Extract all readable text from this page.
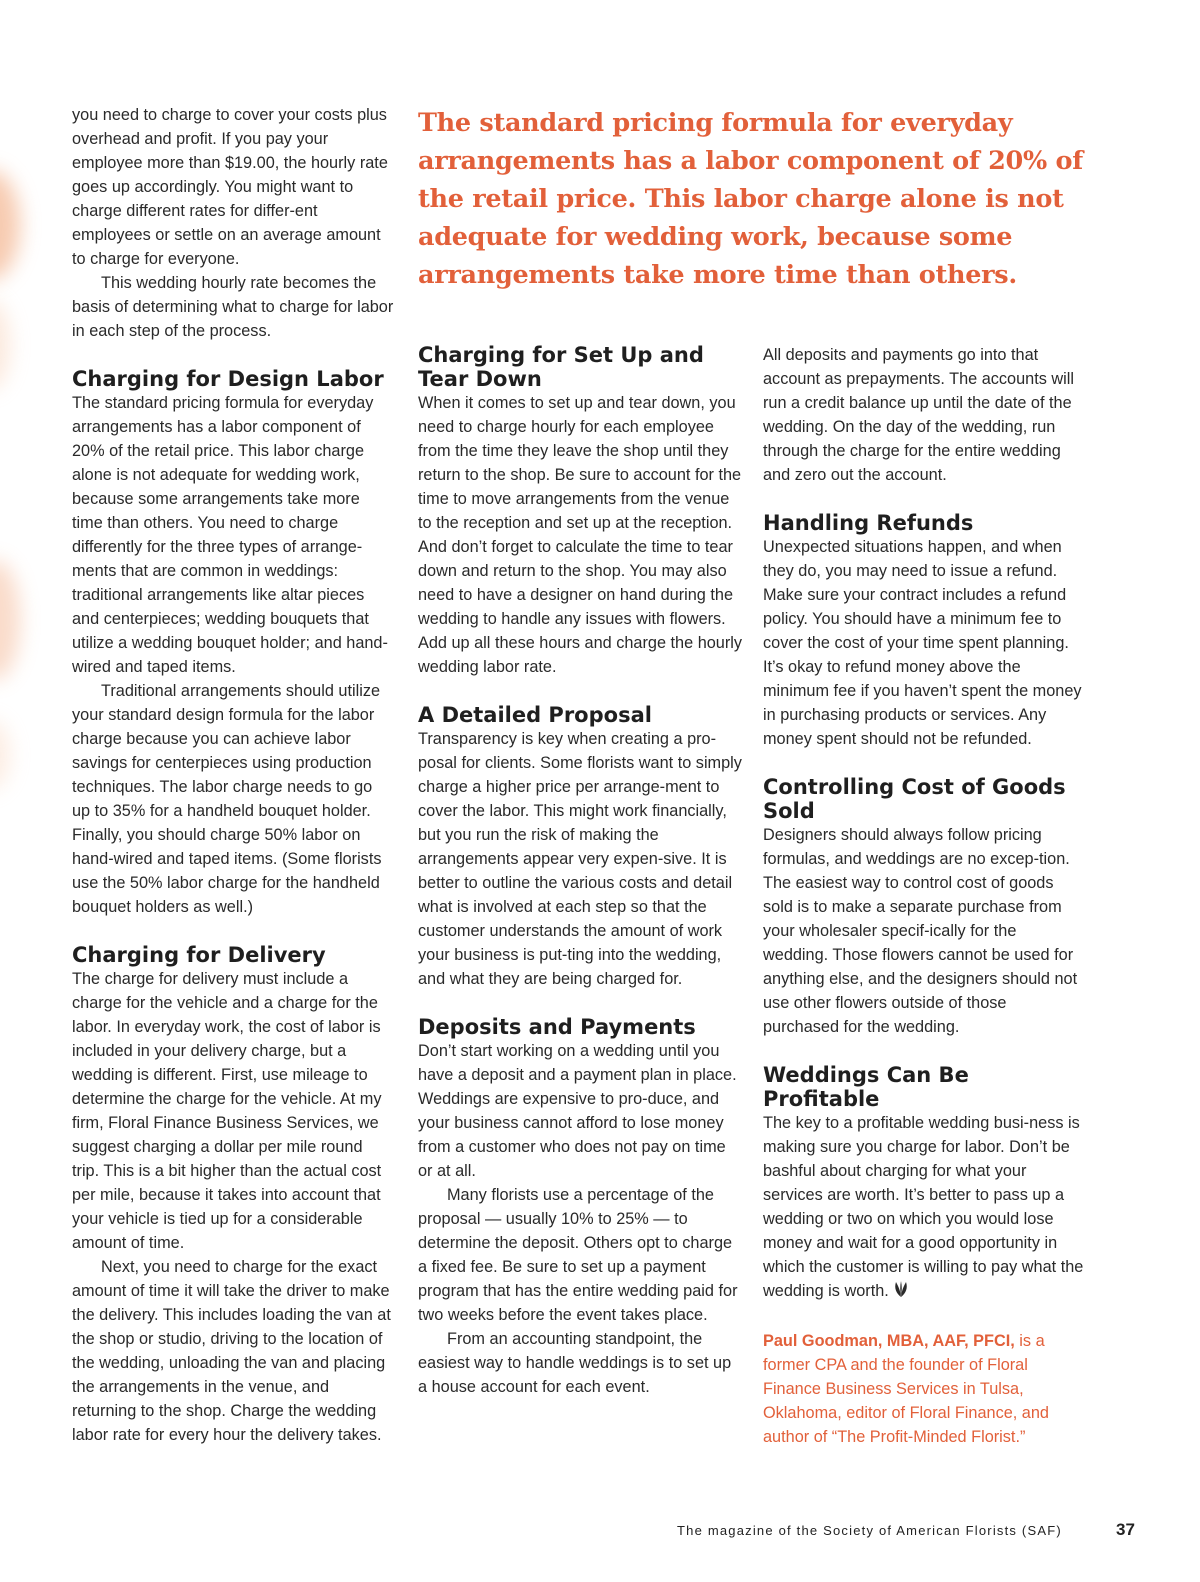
The standard pricing formula for everyday arrangements has a labor component of 20% of the retail price. This labor charge alone is not adequate for wedding work, because some arrangements take more time than others.

you need to charge to cover your costs plus overhead and profit. If you pay your employee more than $19.00, the hourly rate goes up accordingly. You might want to charge different rates for differ-ent employees or settle on an average amount to charge for everyone.

This wedding hourly rate becomes the basis of determining what to charge for labor in each step of the process.

Charging for Design Labor

The standard pricing formula for everyday arrangements has a labor component of 20% of the retail price. This labor charge alone is not adequate for wedding work, because some arrangements take more time than others. You need to charge differently for the three types of arrange-ments that are common in weddings: traditional arrangements like altar pieces and centerpieces; wedding bouquets that utilize a wedding bouquet holder; and hand-wired and taped items.

Traditional arrangements should utilize your standard design formula for the labor charge because you can achieve labor savings for centerpieces using production techniques. The labor charge needs to go up to 35% for a handheld bouquet holder. Finally, you should charge 50% labor on hand-wired and taped items. (Some florists use the 50% labor charge for the handheld bouquet holders as well.)

Charging for Delivery

The charge for delivery must include a charge for the vehicle and a charge for the labor. In everyday work, the cost of labor is included in your delivery charge, but a wedding is different. First, use mileage to determine the charge for the vehicle. At my firm, Floral Finance Business Services, we suggest charging a dollar per mile round trip. This is a bit higher than the actual cost per mile, because it takes into account that your vehicle is tied up for a considerable amount of time.

Next, you need to charge for the exact amount of time it will take the driver to make the delivery. This includes loading the van at the shop or studio, driving to the location of the wedding, unloading the van and placing the arrangements in the venue, and returning to the shop. Charge the wedding labor rate for every hour the delivery takes.

Charging for Set Up and Tear Down

When it comes to set up and tear down, you need to charge hourly for each employee from the time they leave the shop until they return to the shop. Be sure to account for the time to move arrangements from the venue to the reception and set up at the reception. And don’t forget to calculate the time to tear down and return to the shop. You may also need to have a designer on hand during the wedding to handle any issues with flowers. Add up all these hours and charge the hourly wedding labor rate.

A Detailed Proposal

Transparency is key when creating a pro-posal for clients. Some florists want to simply charge a higher price per arrange-ment to cover the labor. This might work financially, but you run the risk of making the arrangements appear very expen-sive. It is better to outline the various costs and detail what is involved at each step so that the customer understands the amount of work your business is put-ting into the wedding, and what they are being charged for.

Deposits and Payments

Don’t start working on a wedding until you have a deposit and a payment plan in place. Weddings are expensive to pro-duce, and your business cannot afford to lose money from a customer who does not pay on time or at all.

Many florists use a percentage of the proposal — usually 10% to 25% — to determine the deposit. Others opt to charge a fixed fee. Be sure to set up a payment program that has the entire wedding paid for two weeks before the event takes place.

From an accounting standpoint, the easiest way to handle weddings is to set up a house account for each event.

All deposits and payments go into that account as prepayments. The accounts will run a credit balance up until the date of the wedding. On the day of the wedding, run through the charge for the entire wedding and zero out the account.

Handling Refunds

Unexpected situations happen, and when they do, you may need to issue a refund. Make sure your contract includes a refund policy. You should have a minimum fee to cover the cost of your time spent planning. It’s okay to refund money above the minimum fee if you haven’t spent the money in purchasing products or services. Any money spent should not be refunded.

Controlling Cost of Goods Sold

Designers should always follow pricing formulas, and weddings are no excep-tion. The easiest way to control cost of goods sold is to make a separate purchase from your wholesaler specif-ically for the wedding. Those flowers cannot be used for anything else, and the designers should not use other flowers outside of those purchased for the wedding.

Weddings Can Be Profitable

The key to a profitable wedding busi-ness is making sure you charge for labor. Don’t be bashful about charging for what your services are worth. It’s better to pass up a wedding or two on which you would lose money and wait for a good opportunity in which the customer is willing to pay what the wedding is worth.

Paul Goodman, MBA, AAF, PFCI, is a former CPA and the founder of Floral Finance Business Services in Tulsa, Oklahoma, editor of Floral Finance, and author of “The Profit-Minded Florist.”

The magazine of the Society of American Florists (SAF)	37
